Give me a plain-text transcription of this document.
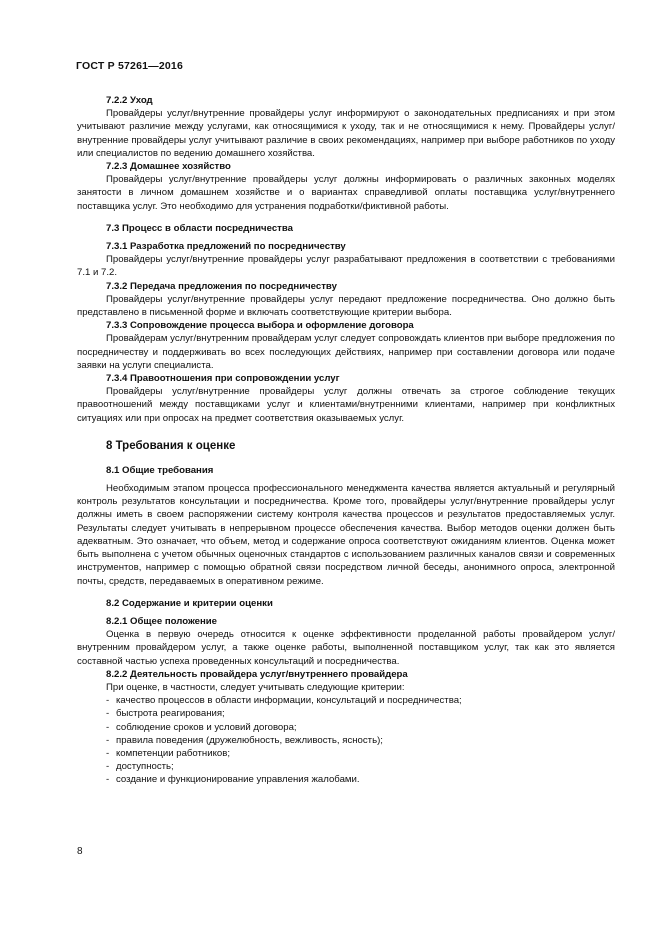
ГОСТ Р 57261—2016

7.2.2 Уход

Провайдеры услуг/внутренние провайдеры услуг информируют о законодательных предписаниях и при этом учитывают различие между услугами, как относящимися к уходу, так и не относящимися к нему. Провайдеры услуг/внутренние провайдеры услуг учитывают различие в своих рекомендациях, например при выборе работников по уходу или специалистов по ведению домашнего хозяйства.

7.2.3 Домашнее хозяйство

Провайдеры услуг/внутренние провайдеры услуг должны информировать о различных законных моделях занятости в личном домашнем хозяйстве и о вариантах справедливой оплаты поставщика услуг/внутреннего поставщика услуг. Это необходимо для устранения подработки/фиктивной работы.

7.3 Процесс в области посредничества

7.3.1 Разработка предложений по посредничеству

Провайдеры услуг/внутренние провайдеры услуг разрабатывают предложения в соответствии с требованиями 7.1 и 7.2.

7.3.2 Передача предложения по посредничеству

Провайдеры услуг/внутренние провайдеры услуг передают предложение посредничества. Оно должно быть представлено в письменной форме и включать соответствующие критерии выбора.

7.3.3 Сопровождение процесса выбора и оформление договора

Провайдерам услуг/внутренним провайдерам услуг следует сопровождать клиентов при выборе предложения по посредничеству и поддерживать во всех последующих действиях, например при составлении договора или подаче заявки на услуги специалиста.

7.3.4 Правоотношения при сопровождении услуг

Провайдеры услуг/внутренние провайдеры услуг должны отвечать за строгое соблюдение текущих правоотношений между поставщиками услуг и клиентами/внутренними клиентами, например при конфликтных ситуациях или при опросах на предмет соответствия оказываемых услуг.

8 Требования к оценке

8.1 Общие требования

Необходимым этапом процесса профессионального менеджмента качества является актуальный и регулярный контроль результатов консультации и посредничества. Кроме того, провайдеры услуг/внутренние провайдеры услуг должны иметь в своем распоряжении систему контроля качества процессов и результатов предоставляемых услуг. Результаты следует учитывать в непрерывном процессе обеспечения качества. Выбор методов оценки должен быть адекватным. Это означает, что объем, метод и содержание опроса соответствуют ожиданиям клиентов. Оценка может быть выполнена с учетом обычных оценочных стандартов с использованием различных каналов связи и современных инструментов, например с помощью обратной связи посредством личной беседы, анонимного опроса, электронной почты, средств, передаваемых в оперативном режиме.

8.2 Содержание и критерии оценки

8.2.1 Общее положение

Оценка в первую очередь относится к оценке эффективности проделанной работы провайдером услуг/внутренним провайдером услуг, а также оценке работы, выполненной поставщиком услуг, так как это является составной частью успеха проведенных консультаций и посредничества.

8.2.2 Деятельность провайдера услуг/внутреннего провайдера

При оценке, в частности, следует учитывать следующие критерии:

- качество процессов в области информации, консультаций и посредничества;

- быстрота реагирования;

- соблюдение сроков и условий договора;

- правила поведения (дружелюбность, вежливость, ясность);

- компетенции работников;

- доступность;

- создание и функционирование управления жалобами.

8
